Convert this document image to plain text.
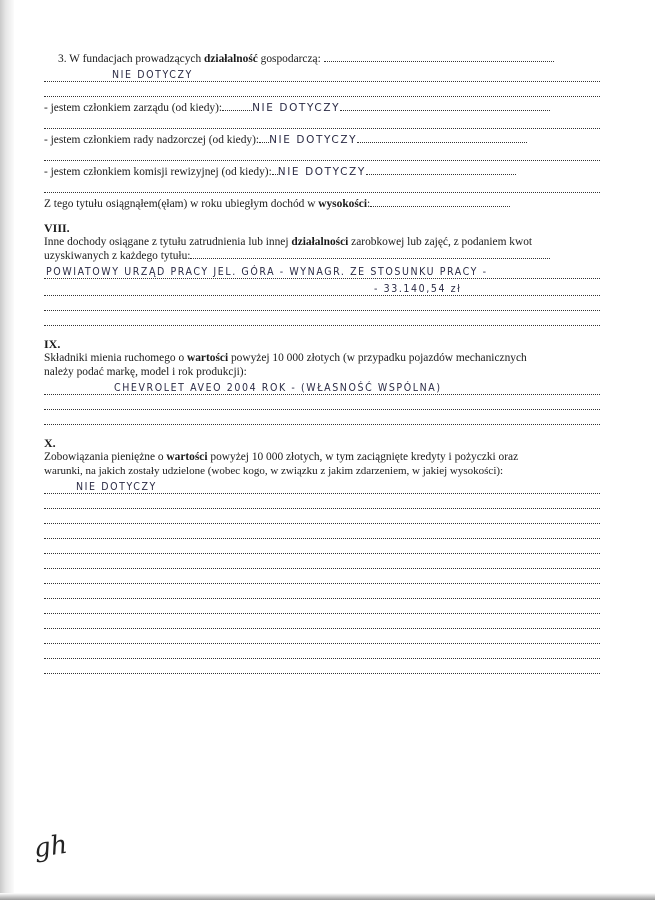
3. W fundacjach prowadzących działalność gospodarczą:
NIE DOTYCZY
- jestem członkiem zarządu (od kiedy):	NIE DOTYCZY
- jestem członkiem rady nadzorczej (od kiedy): NIE DOTYCZY
- jestem członkiem komisji rewizyjnej (od kiedy): NIE DOTYCZY
Z tego tytułu osiągnąłem(ęłam) w roku ubiegłym dochód w wysokości:
VIII.
Inne dochody osiągane z tytułu zatrudnienia lub innej działalności zarobkowej lub zajęć, z podaniem kwot
uzyskiwanych z każdego tytułu:
POWIATOWY URZĄD PRACY JEL. GÓRA - WYNAGR. ZE STOSUNKU PRACY -
- 33.140,54 zł
IX.
Składniki mienia ruchomego o wartości powyżej 10 000 złotych (w przypadku pojazdów mechanicznych
należy podać markę, model i rok produkcji):
CHEVROLET AVEO 2004 ROK - (WŁASNOŚĆ WSPÓLNA)
X.
Zobowiązania pieniężne o wartości powyżej 10 000 złotych, w tym zaciągnięte kredyty i pożyczki oraz
warunki, na jakich zostały udzielone (wobec kogo, w związku z jakim zdarzeniem, w jakiej wysokości):
NIE DOTYCZY
gh
